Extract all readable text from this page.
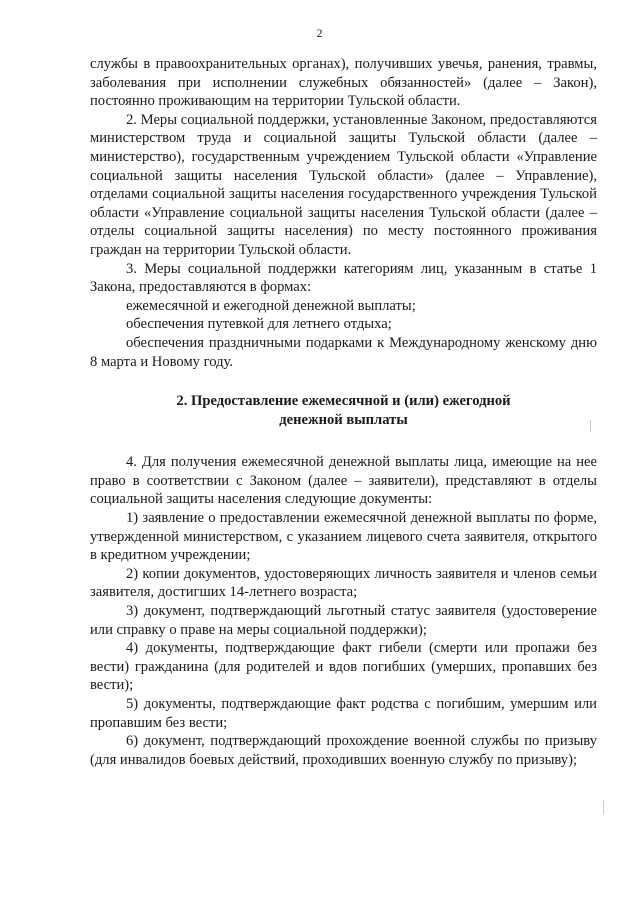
2

службы в правоохранительных органах), получивших увечья, ранения, травмы, заболевания при исполнении служебных обязанностей» (далее – Закон), постоянно проживающим на территории Тульской области.

2. Меры социальной поддержки, установленные Законом, предоставляются министерством труда и социальной защиты Тульской области (далее – министерство), государственным учреждением Тульской области «Управление социальной защиты населения Тульской области» (далее – Управление), отделами социальной защиты населения государственного учреждения Тульской области «Управление социальной защиты населения Тульской области (далее – отделы социальной защиты населения) по месту постоянного проживания граждан на территории Тульской области.

3. Меры социальной поддержки категориям лиц, указанным в статье 1 Закона, предоставляются в формах:

ежемесячной и ежегодной денежной выплаты;

обеспечения путевкой для летнего отдыха;

обеспечения праздничными подарками к Международному женскому дню 8 марта и Новому году.

2. Предоставление ежемесячной и (или) ежегодной
денежной выплаты

4. Для получения ежемесячной денежной выплаты лица, имеющие на нее право в соответствии с Законом (далее – заявители), представляют в отделы социальной защиты населения следующие документы:

1) заявление о предоставлении ежемесячной денежной выплаты по форме, утвержденной министерством, с указанием лицевого счета заявителя, открытого в кредитном учреждении;

2) копии документов, удостоверяющих личность заявителя и членов семьи заявителя, достигших 14-летнего возраста;

3) документ, подтверждающий льготный статус заявителя (удостоверение или справку о праве на меры социальной поддержки);

4) документы, подтверждающие факт гибели (смерти или пропажи без вести) гражданина (для родителей и вдов погибших (умерших, пропавших без вести);

5) документы, подтверждающие факт родства с погибшим, умершим или пропавшим без вести;

6) документ, подтверждающий прохождение военной службы по призыву (для инвалидов боевых действий, проходивших военную службу по призыву);
